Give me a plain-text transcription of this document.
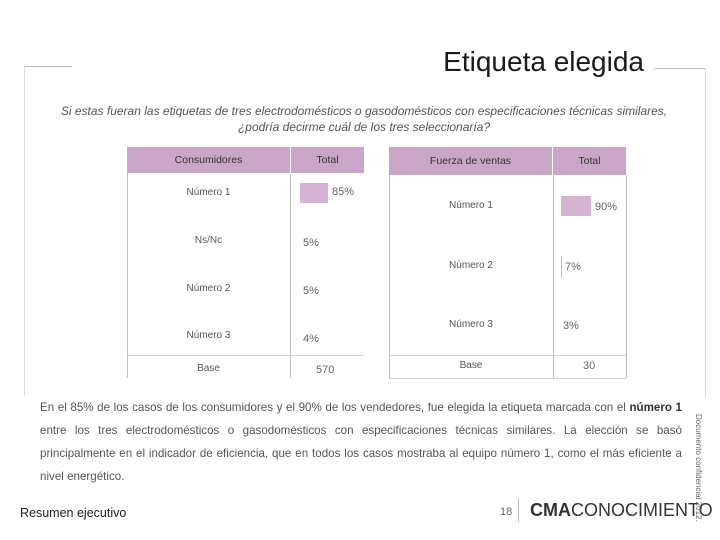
Etiqueta elegida
Si estas fueran las etiquetas de tres electrodomésticos o gasodomésticos con especificaciones técnicas similares, ¿podría decirme cuál de los tres seleccionaría?
Consumidores	Total
Número 1	85%
Ns/Nc	5%
Número 2	5%
Número 3	4%
Base	570
Fuerza de ventas	Total
Número 1	90%
Número 2	7%
Número 3	3%
Base	30
En el 85% de los casos de los consumidores y el 90% de los vendedores, fue elegida la etiqueta marcada con el número 1 entre los tres electrodomésticos o gasodomésticos con especificaciones técnicas similares. La elección se basó principalmente en el indicador de eficiencia, que en todos los casos mostraba al equipo número 1, como el más eficiente a nivel energético.
Resumen ejecutivo	18 CMACONOCIMIENTO
Documento confidencial 2012.
